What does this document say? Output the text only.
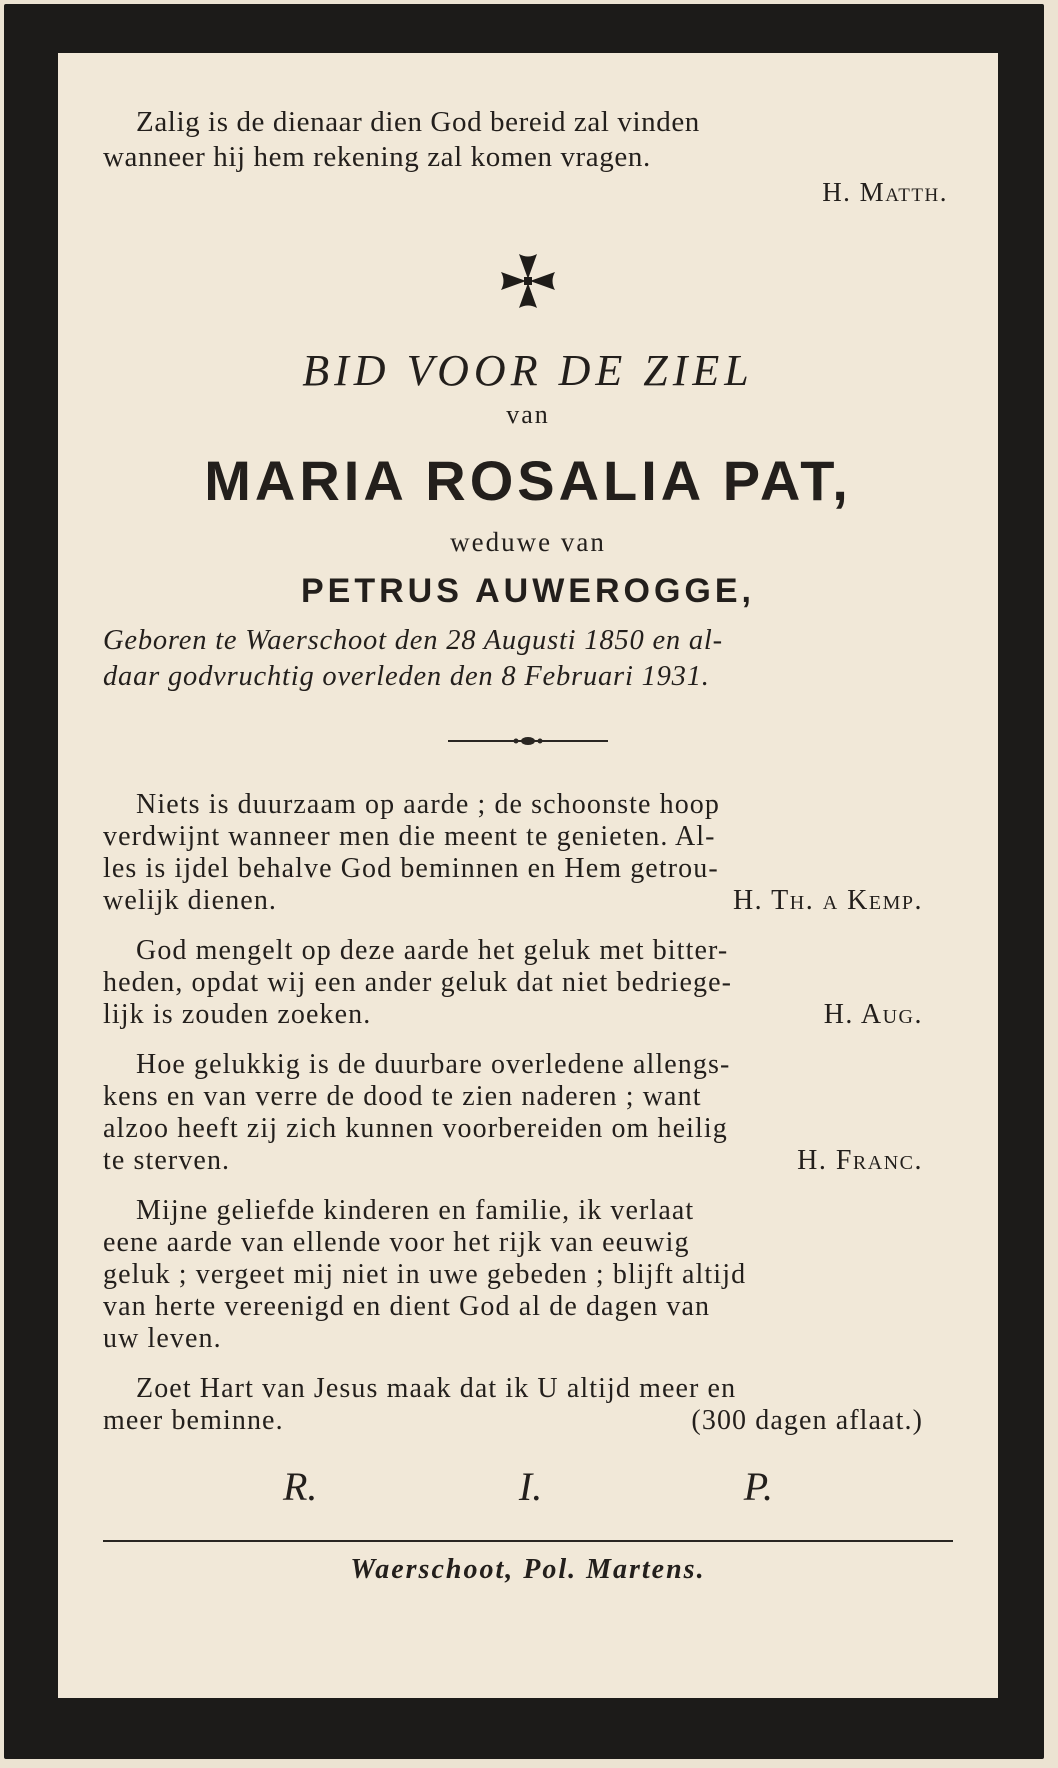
Zalig is de dienaar dien God bereid zal vinden
wanneer hij hem rekening zal komen vragen.
H. Matth.
BID VOOR DE ZIEL
van
MARIA ROSALIA PAT,
weduwe van
PETRUS AUWEROGGE,
Geboren te Waerschoot den 28 Augusti 1850 en al-
daar godvruchtig overleden den 8 Februari 1931.
Niets is duurzaam op aarde ; de schoonste hoop
verdwijnt wanneer men die meent te genieten. Al-
les is ijdel behalve God beminnen en Hem getrou-
welijk dienen.	H. Th. a Kemp.
God mengelt op deze aarde het geluk met bitter-
heden, opdat wij een ander geluk dat niet bedriege-
lijk is zouden zoeken.	H. Aug.
Hoe gelukkig is de duurbare overledene allengs-
kens en van verre de dood te zien naderen ; want
alzoo heeft zij zich kunnen voorbereiden om heilig
te sterven.	H. Franc.
Mijne geliefde kinderen en familie, ik verlaat
eene aarde van ellende voor het rijk van eeuwig
geluk ; vergeet mij niet in uwe gebeden ; blijft altijd
van herte vereenigd en dient God al de dagen van
uw leven.
Zoet Hart van Jesus maak dat ik U altijd meer en
meer beminne.	(300 dagen aflaat.)
R.	I.	P.
Waerschoot, Pol. Martens.
